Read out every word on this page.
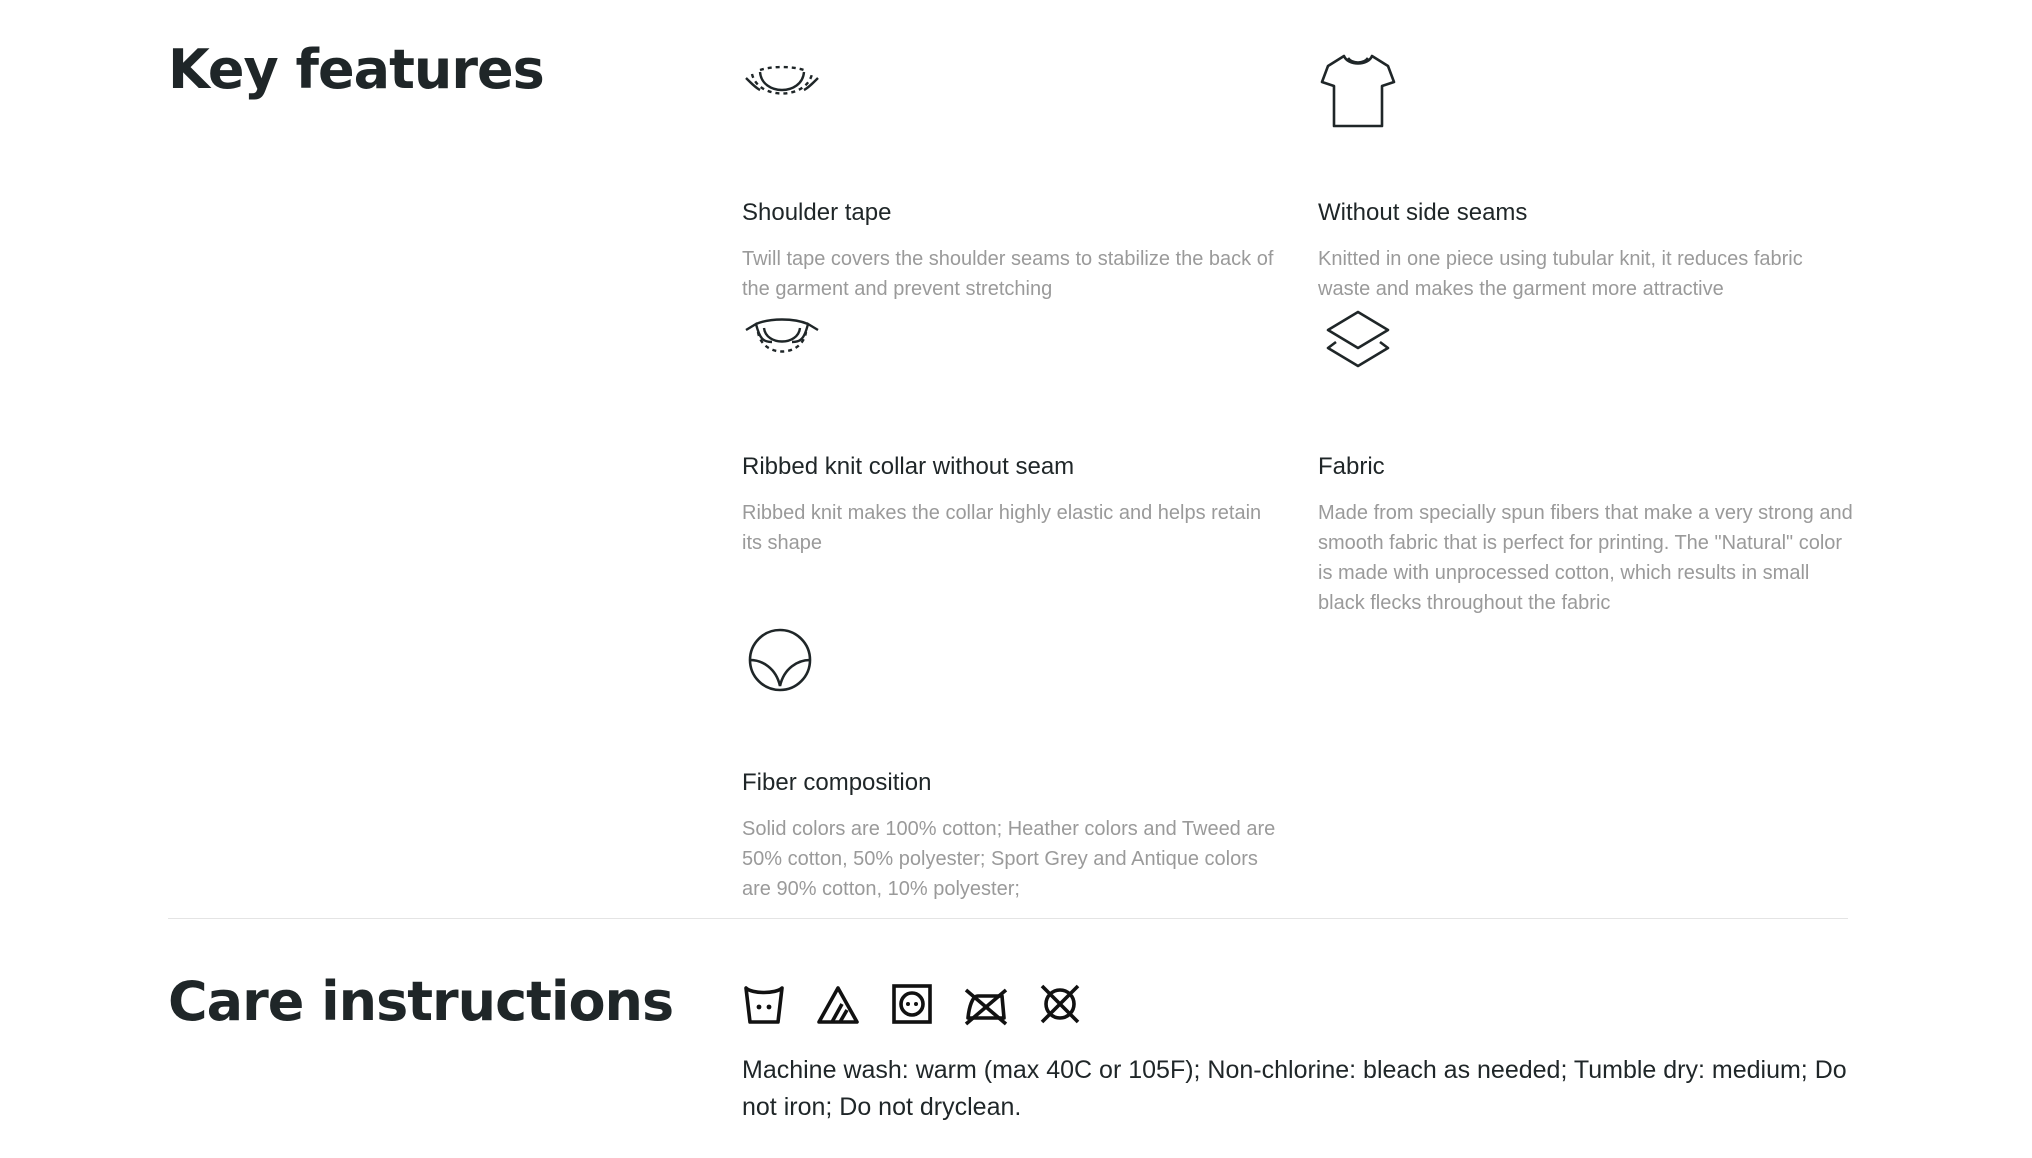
Key features

Shoulder tape

Twill tape covers the shoulder seams to stabilize the back of the garment and prevent stretching

Without side seams

Knitted in one piece using tubular knit, it reduces fabric waste and makes the garment more attractive

Ribbed knit collar without seam

Ribbed knit makes the collar highly elastic and helps retain its shape

Fabric

Made from specially spun fibers that make a very strong and smooth fabric that is perfect for printing. The "Natural" color is made with unprocessed cotton, which results in small black flecks throughout the fabric

Fiber composition

Solid colors are 100% cotton; Heather colors and Tweed are 50% cotton, 50% polyester; Sport Grey and Antique colors are 90% cotton, 10% polyester;

Care instructions

Machine wash: warm (max 40C or 105F); Non-chlorine: bleach as needed; Tumble dry: medium; Do not iron; Do not dryclean.
